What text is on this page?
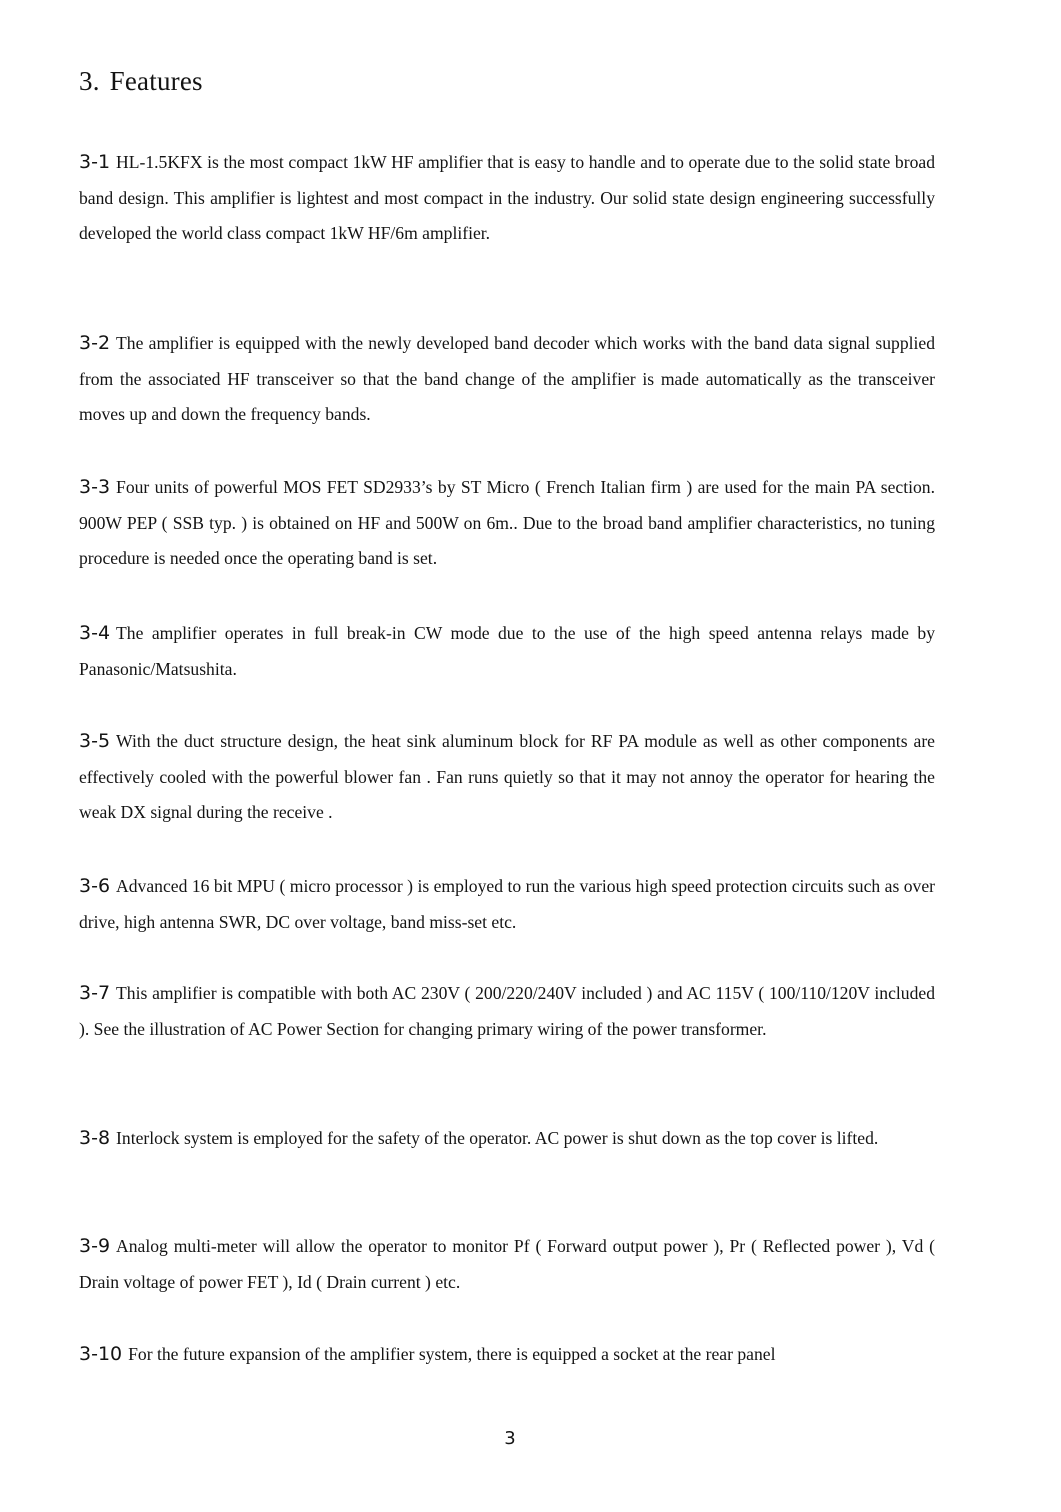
3. Features

3-1 HL-1.5KFX is the most compact 1kW HF amplifier that is easy to handle and to operate due to the solid state broad band design. This amplifier is lightest and most compact in the industry. Our solid state design engineering successfully developed the world class compact 1kW HF/6m amplifier.

3-2 The amplifier is equipped with the newly developed band decoder which works with the band data signal supplied from the associated HF transceiver so that the band change of the amplifier is made automatically as the transceiver moves up and down the frequency bands.

3-3 Four units of powerful MOS FET SD2933’s by ST Micro ( French Italian firm ) are used for the main PA section. 900W PEP ( SSB typ. ) is obtained on HF and 500W on 6m.. Due to the broad band amplifier characteristics, no tuning procedure is needed once the operating band is set.

3-4 The amplifier operates in full break-in CW mode due to the use of the high speed antenna relays made by Panasonic/Matsushita.

3-5 With the duct structure design, the heat sink aluminum block for RF PA module as well as other components are effectively cooled with the powerful blower fan . Fan runs quietly so that it may not annoy the operator for hearing the weak DX signal during the receive .

3-6 Advanced 16 bit MPU ( micro processor ) is employed to run the various high speed protection circuits such as over drive, high antenna SWR, DC over voltage, band miss-set etc.

3-7 This amplifier is compatible with both AC 230V ( 200/220/240V included ) and AC 115V ( 100/110/120V included ). See the illustration of AC Power Section for changing primary wiring of the power transformer.

3-8 Interlock system is employed for the safety of the operator. AC power is shut down as the top cover is lifted.

3-9 Analog multi-meter will allow the operator to monitor Pf ( Forward output power ), Pr ( Reflected power ), Vd ( Drain voltage of power FET ), Id ( Drain current ) etc.

3-10 For the future expansion of the amplifier system, there is equipped a socket at the rear panel

3
